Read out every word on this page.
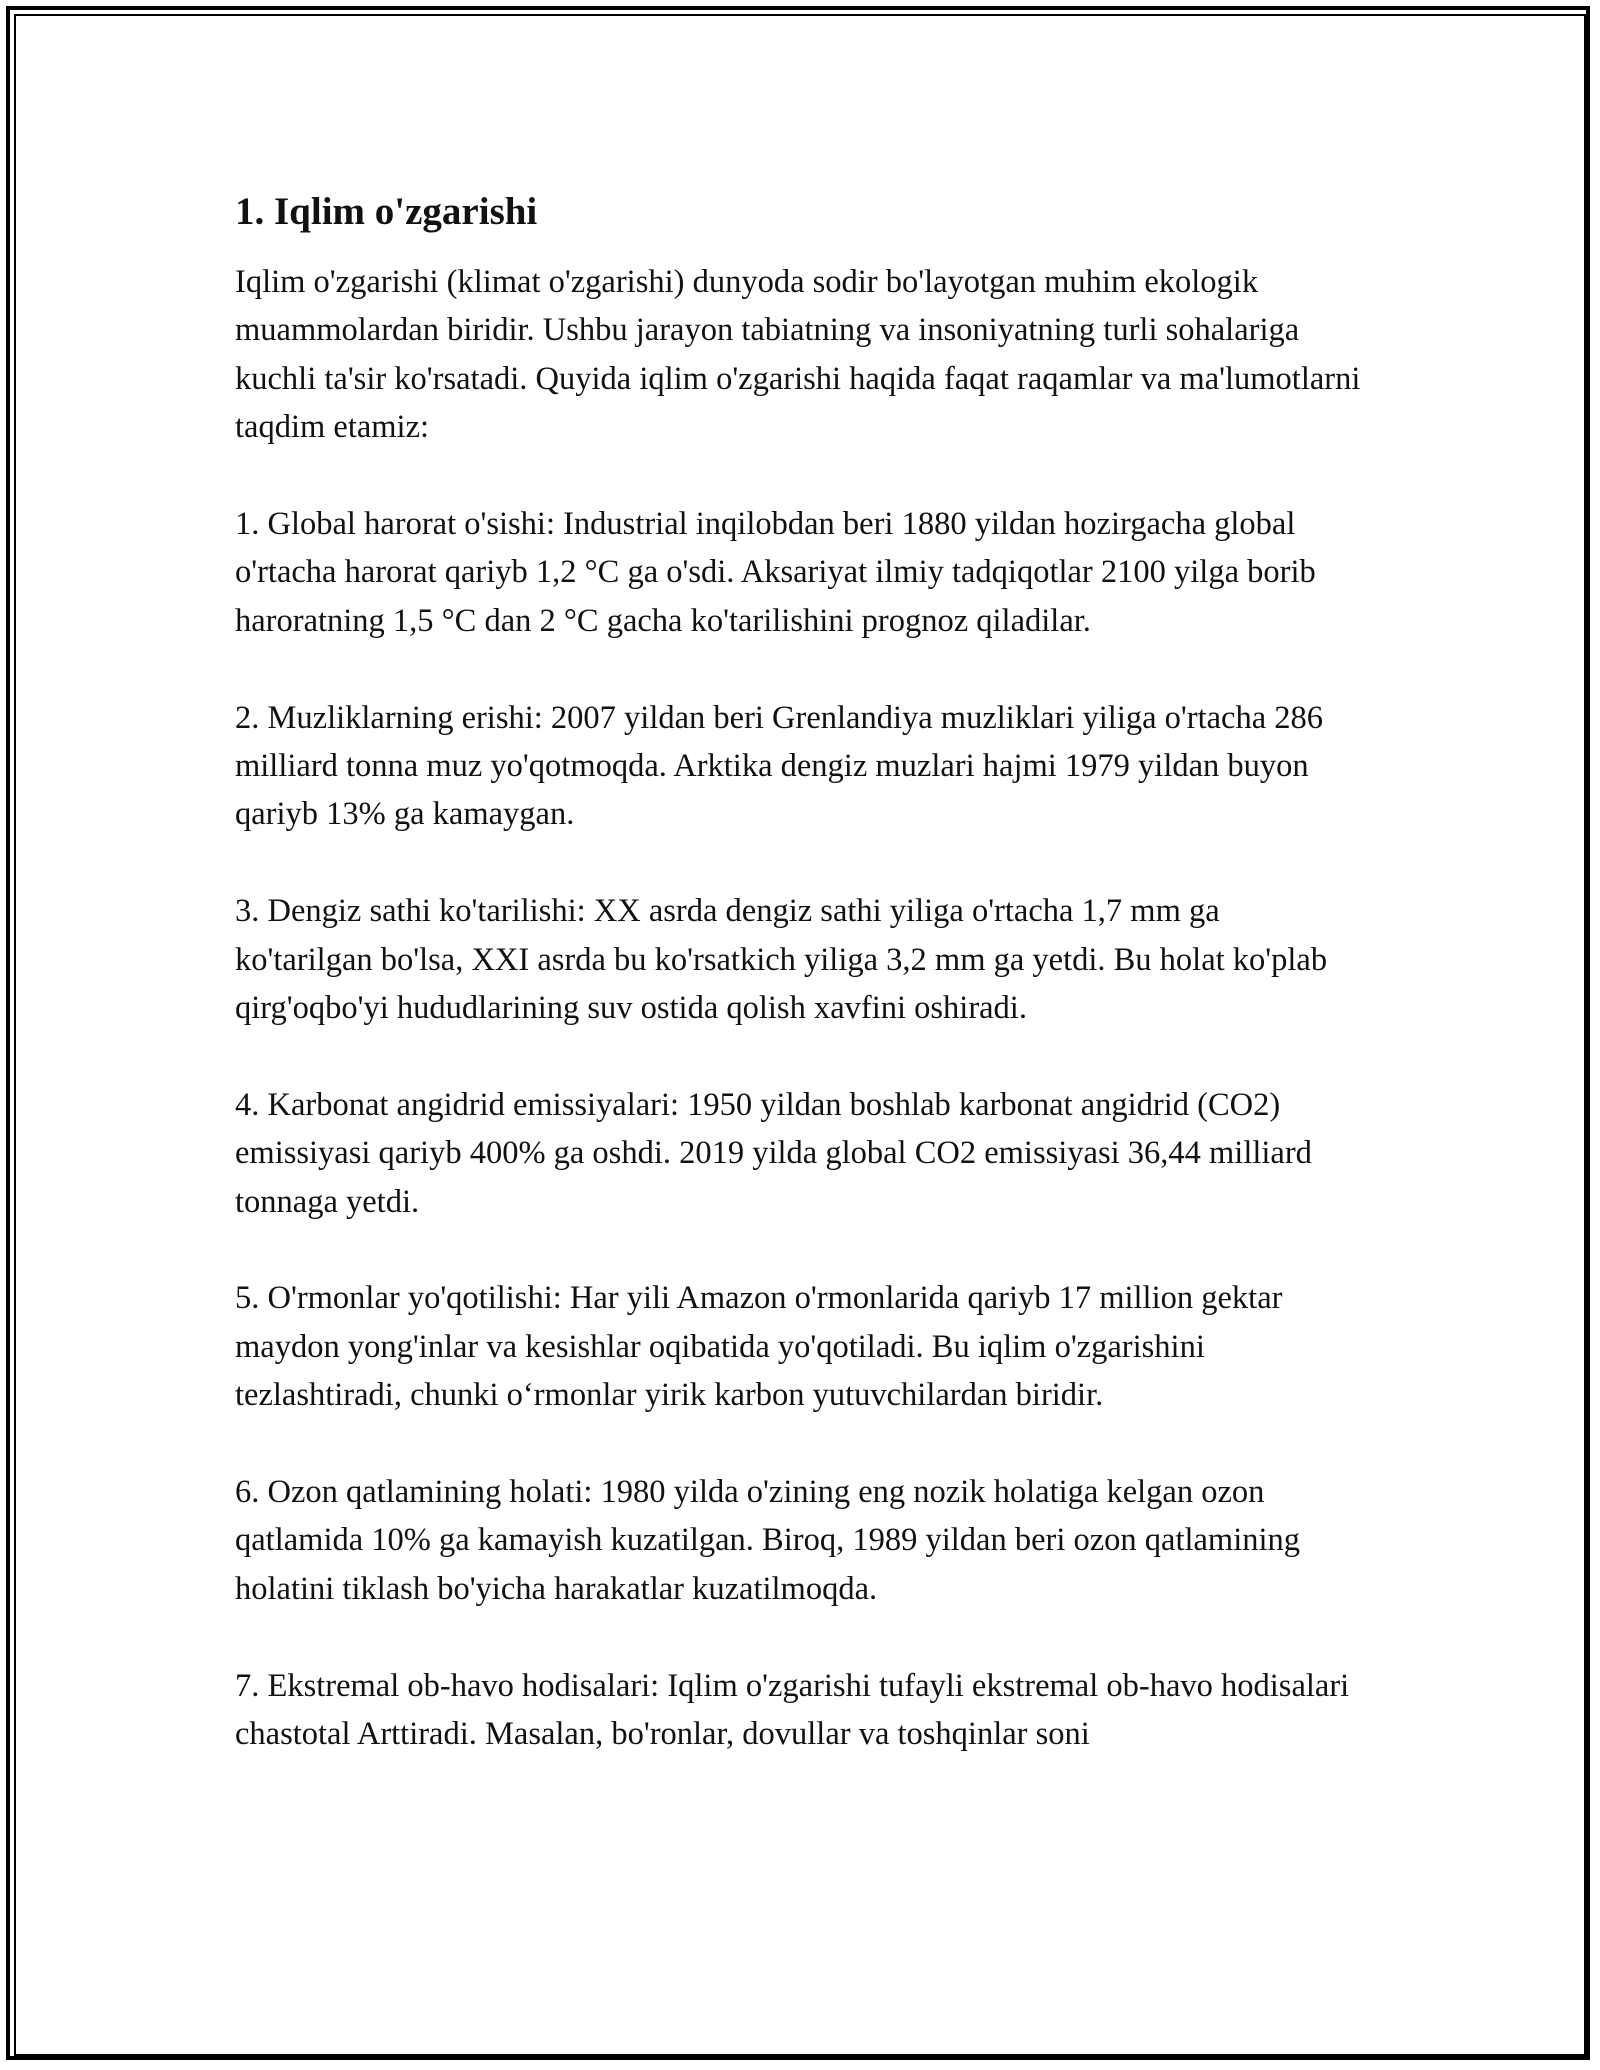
1. Iqlim o'zgarishi

Iqlim o'zgarishi (klimat o'zgarishi) dunyoda sodir bo'layotgan muhim ekologik muammolardan biridir. Ushbu jarayon tabiatning va insoniyatning turli sohalariga kuchli ta'sir ko'rsatadi. Quyida iqlim o'zgarishi haqida faqat raqamlar va ma'lumotlarni taqdim etamiz:

1. Global harorat o'sishi: Industrial inqilobdan beri 1880 yildan hozirgacha global o'rtacha harorat qariyb 1,2 °C ga o'sdi. Aksariyat ilmiy tadqiqotlar 2100 yilga borib haroratning 1,5 °C dan 2 °C gacha ko'tarilishini prognoz qiladilar.

2. Muzliklarning erishi: 2007 yildan beri Grenlandiya muzliklari yiliga o'rtacha 286 milliard tonna muz yo'qotmoqda. Arktika dengiz muzlari hajmi 1979 yildan buyon qariyb 13% ga kamaygan.

3. Dengiz sathi ko'tarilishi: XX asrda dengiz sathi yiliga o'rtacha 1,7 mm ga ko'tarilgan bo'lsa, XXI asrda bu ko'rsatkich yiliga 3,2 mm ga yetdi. Bu holat ko'plab qirg'oqbo'yi hududlarining suv ostida qolish xavfini oshiradi.

4. Karbonat angidrid emissiyalari: 1950 yildan boshlab karbonat angidrid (CO2) emissiyasi qariyb 400% ga oshdi. 2019 yilda global CO2 emissiyasi 36,44 milliard tonnaga yetdi.

5. O'rmonlar yo'qotilishi: Har yili Amazon o'rmonlarida qariyb 17 million gektar maydon yong'inlar va kesishlar oqibatida yo'qotiladi. Bu iqlim o'zgarishini tezlashtiradi, chunki o‘rmonlar yirik karbon yutuvchilardan biridir.

6. Ozon qatlamining holati: 1980 yilda o'zining eng nozik holatiga kelgan ozon qatlamida 10% ga kamayish kuzatilgan. Biroq, 1989 yildan beri ozon qatlamining holatini tiklash bo'yicha harakatlar kuzatilmoqda.

7. Ekstremal ob-havo hodisalari: Iqlim o'zgarishi tufayli ekstremal ob-havo hodisalari chastotal Arttiradi. Masalan, bo'ronlar, dovullar va toshqinlar soni
